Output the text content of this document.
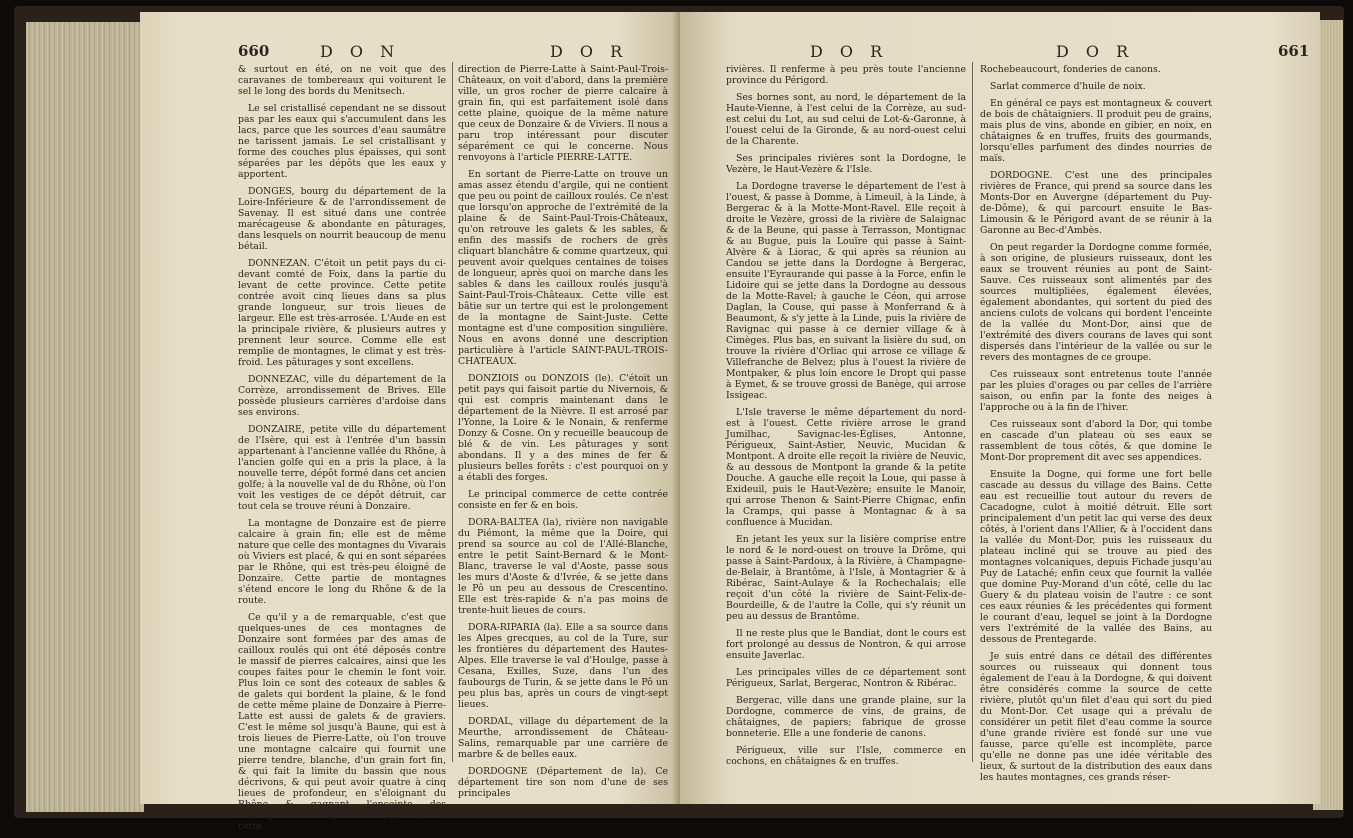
660	D O N	D O R

& surtout en été, on ne voit que des caravanes de tombereaux qui voiturent le sel le long des bords du Menitsech.

Le sel cristallisé cependant ne se dissout pas par les eaux qui s'accumulent dans les lacs, parce que les sources d'eau saumâtre ne tarissent jamais. Le sel cristallisant y forme des couches plus épaisses, qui sont séparées par les dépôts que les eaux y apportent.

DONGES, bourg du département de la Loire-Inférieure & de l'arrondissement de Savenay. Il est situé dans une contrée marécageuse & abondante en pâturages, dans lesquels on nourrit beaucoup de menu bétail.

DONNEZAN. C'étoit un petit pays du ci-devant comté de Foix, dans la partie du levant de cette province. Cette petite contrée avoit cinq lieues dans sa plus grande longueur, sur trois lieues de largeur. Elle est très-arrosée. L'Aude en est la principale rivière, & plusieurs autres y prennent leur source. Comme elle est remplie de montagnes, le climat y est très-froid. Les pâturages y sont excellens.

DONNEZAC, ville du département de la Corrèze, arrondissement de Brives. Elle possède plusieurs carrières d'ardoise dans ses environs.

DONZAIRE, petite ville du département de l'Isère, qui est à l'entrée d'un bassin appartenant à l'ancienne vallée du Rhône, à l'ancien golfe qui en a pris la place, à la nouvelle terre, dépôt formé dans cet ancien golfe; à la nouvelle val de du Rhône, où l'on voit les vestiges de ce dépôt détruit, car tout cela se trouve réuni à Donzaire.

La montagne de Donzaire est de pierre calcaire à grain fin; elle est de même nature que celle des montagnes du Vivarais où Viviers est placé, & qui en sont séparées par le Rhône, qui est très-peu éloigné de Donzaire. Cette partie de montagnes s'étend encore le long du Rhône & de la route.

Ce qu'il y a de remarquable, c'est que quelques-unes de ces montagnes de Donzaire sont formées par des amas de cailloux roulés qui ont été déposés contre le massif de pierres calcaires, ainsi que les coupes faites pour le chemin le font voir. Plus loin ce sont des coteaux de sables & de galets qui bordent la plaine, & le fond de cette même plaine de Donzaire à Pierre-Latte est aussi de galets & de graviers. C'est le même sol jusqu'à Baune, qui est à trois lieues de Pierre-Latte, où l'on trouve une montagne calcaire qui fournit une pierre tendre, blanche, d'un grain fort fin, & qui fait la limite du bassin que nous décrivons, & qui peut avoir quatre à cinq lieues de profondeur, en s'éloignant du Rhône & gagnant l'enceinte des montagnes. Si l'on parcourt la plaine dans cette

direction de Pierre-Latte à Saint-Paul-Trois-Châteaux, on voit d'abord, dans la première ville, un gros rocher de pierre calcaire à grain fin, qui est parfaitement isolé dans cette plaine, quoique de la même nature que ceux de Donzaire & de Viviers. Il nous a paru trop intéressant pour discuter séparément ce qui le concerne. Nous renvoyons à l'article PIERRE-LATTE.

En sortant de Pierre-Latte on trouve un amas assez étendu d'argile, qui ne contient que peu ou point de cailloux roulés. Ce n'est que lorsqu'on approche de l'extrémité de la plaine & de Saint-Paul-Trois-Châteaux, qu'on retrouve les galets & les sables, & enfin des massifs de rochers de grès cliquart blanchâtre & comme quartzeux, qui peuvent avoir quelques centaines de toises de longueur, après quoi on marche dans les sables & dans les cailloux roulés jusqu'à Saint-Paul-Trois-Châteaux. Cette ville est bâtie sur un tertre qui est le prolongement de la montagne de Saint-Juste. Cette montagne est d'une composition singulière. Nous en avons donné une description particulière à l'article SAINT-PAUL-TROIS-CHATEAUX.

DONZIOIS ou DONZOIS (le). C'étoit un petit pays qui faisoit partie du Nivernois, & qui est compris maintenant dans le département de la Nièvre. Il est arrosé par l'Yonne, la Loire & le Nonain, & renferme Donzy & Cosne. On y recueille beaucoup de blé & de vin. Les pâturages y sont abondans. Il y a des mines de fer & plusieurs belles forêts : c'est pourquoi on y a établi des forges.

Le principal commerce de cette contrée consiste en fer & en bois.

DORA-BALTEA (la), rivière non navigable du Piémont, la même que la Doire, qui prend sa source au col de l'Allé-Blanche, entre le petit Saint-Bernard & le Mont-Blanc, traverse le val d'Aoste, passe sous les murs d'Aoste & d'Ivrée, & se jette dans le Pô un peu au dessous de Crescentino. Elle est très-rapide & n'a pas moins de trente-huit lieues de cours.

DORA-RIPARIA (la). Elle a sa source dans les Alpes grecques, au col de la Ture, sur les frontières du département des Hautes-Alpes. Elle traverse le val d'Houlge, passe à Cesana, Exilles, Suze, dans l'un des faubourgs de Turin, & se jette dans le Pô un peu plus bas, après un cours de vingt-sept lieues.

DORDAL, village du département de la Meurthe, arrondissement de Château-Salins, remarquable par une carrière de marbre & de belles eaux.

DORDOGNE (Département de la). Ce département tire son nom d'une de ses principales

D O R	D O R	661

rivières. Il renferme à peu près toute l'ancienne province du Périgord.

Ses bornes sont, au nord, le département de la Haute-Vienne, à l'est celui de la Corrèze, au sud-est celui du Lot, au sud celui de Lot-&-Garonne, à l'ouest celui de la Gironde, & au nord-ouest celui de la Charente.

Ses principales rivières sont la Dordogne, le Vezère, le Haut-Vezère & l'Isle.

La Dordogne traverse le département de l'est à l'ouest, & passe à Domme, à Limeuil, à la Linde, à Bergerac & à la Motte-Mont-Ravel. Elle reçoit à droite le Vezère, grossi de la rivière de Salaignac & de la Beune, qui passe à Terrasson, Montignac & au Bugue, puis la Louïre qui passe à Saint-Alvère & à Liorac, & qui après sa réunion au Candou se jette dans la Dordogne à Bergerac, ensuite l'Eyraurande qui passe à la Force, enfin le Lidoire qui se jette dans la Dordogne au dessous de la Motte-Ravel; à gauche le Céon, qui arrose Daglan, la Couse, qui passe à Monferrand & à Beaumont, & s'y jette à la Linde, puis la rivière de Ravignac qui passe à ce dernier village & à Cimèges. Plus bas, en suivant la lisière du sud, on trouve la rivière d'Orliac qui arrose ce village & Villefranche de Belvez; plus à l'ouest la rivière de Montpaker, & plus loin encore le Dropt qui passe à Eymet, & se trouve grossi de Banège, qui arrose Issigeac.

L'Isle traverse le même département du nord-est à l'ouest. Cette rivière arrose le grand Jumilhac, Savignac-les-Églises, Antonne, Périgueux, Saint-Astier, Neuvic, Mucidan & Montpont. A droite elle reçoit la rivière de Neuvic, & au dessous de Montpont la grande & la petite Douche. A gauche elle reçoit la Loue, qui passe à Exideuil, puis le Haut-Vezère; ensuite le Manoir, qui arrose Thenon & Saint-Pierre Chignac, enfin la Cramps, qui passe à Montagnac & à sa confluence à Mucidan.

En jetant les yeux sur la lisière comprise entre le nord & le nord-ouest on trouve la Drôme, qui passe à Saint-Pardoux, à la Rivière, à Champagne-de-Belair, à Brantôme, à l'Isle, à Montagrier & à Ribérac, Saint-Aulaye & la Rochechalais; elle reçoit d'un côté la rivière de Saint-Felix-de-Bourdeille, & de l'autre la Colle, qui s'y réunit un peu au dessus de Brantôme.

Il ne reste plus que le Bandiat, dont le cours est fort prolongé au dessus de Nontron, & qui arrose ensuite Javerlac.

Les principales villes de ce département sont Périgueux, Sarlat, Bergerac, Nontron & Ribérac.

Bergerac, ville dans une grande plaine, sur la Dordogne, commerce de vins, de grains, de châtaignes, de papiers; fabrique de grosse bonneterie. Elle a une fonderie de canons.

Périgueux, ville sur l'Isle, commerce en cochons, en châtaignes & en truffes.

Rochebeaucourt, fonderies de canons.

Sarlat commerce d'huile de noix.

En général ce pays est montagneux & couvert de bois de châtaigniers. Il produit peu de grains, mais plus de vins, abonde en gibier, en noix, en châtaignes & en truffes, fruits des gourmands, lorsqu'elles parfument des dindes nourries de maïs.

DORDOGNE. C'est une des principales rivières de France, qui prend sa source dans les Monts-Dor en Auvergne (département du Puy-de-Dôme), & qui parcourt ensuite le Bas-Limousin & le Périgord avant de se réunir à la Garonne au Bec-d'Ambès.

On peut regarder la Dordogne comme formée, à son origine, de plusieurs ruisseaux, dont les eaux se trouvent réunies au pont de Saint-Sauve. Ces ruisseaux sont alimentés par des sources multipliées, également élevées, également abondantes, qui sortent du pied des anciens culots de volcans qui bordent l'enceinte de la vallée du Mont-Dor, ainsi que de l'extrémité des divers courans de laves qui sont dispersés dans l'intérieur de la vallée ou sur le revers des montagnes de ce groupe.

Ces ruisseaux sont entretenus toute l'année par les pluies d'orages ou par celles de l'arrière saison, ou enfin par la fonte des neiges à l'approche ou à la fin de l'hiver.

Ces ruisseaux sont d'abord la Dor, qui tombe en cascade d'un plateau où ses eaux se rassemblent de tous côtés, & que domine le Mont-Dor proprement dit avec ses appendices.

Ensuite la Dogne, qui forme une fort belle cascade au dessus du village des Bains. Cette eau est recueillie tout autour du revers de Cacadogne, culot à moitié détruit. Elle sort principalement d'un petit lac qui verse des deux côtés, à l'orient dans l'Allier, & à l'occident dans la vallée du Mont-Dor, puis les ruisseaux du plateau incliné qui se trouve au pied des montagnes volcaniques, depuis Fichade jusqu'au Puy de Lataché; enfin ceux que fournit la vallée que domine Puy-Morand d'un côté, celle du lac Guery & du plateau voisin de l'autre : ce sont ces eaux réunies & les précédentes qui forment le courant d'eau, lequel se joint à la Dordogne vers l'extrémité de la vallée des Bains, au dessous de Prentegarde.

Je suis entré dans ce détail des différentes sources ou ruisseaux qui donnent tous également de l'eau à la Dordogne, & qui doivent être considérés comme la source de cette rivière, plutôt qu'un filet d'eau qui sort du pied du Mont-Dor. Cet usage qui a prévalu de considérer un petit filet d'eau comme la source d'une grande rivière est fondé sur une vue fausse, parce qu'elle est incomplète, parce qu'elle ne donne pas une idée véritable des lieux, & surtout de la distribution des eaux dans les hautes montagnes, ces grands réser-
